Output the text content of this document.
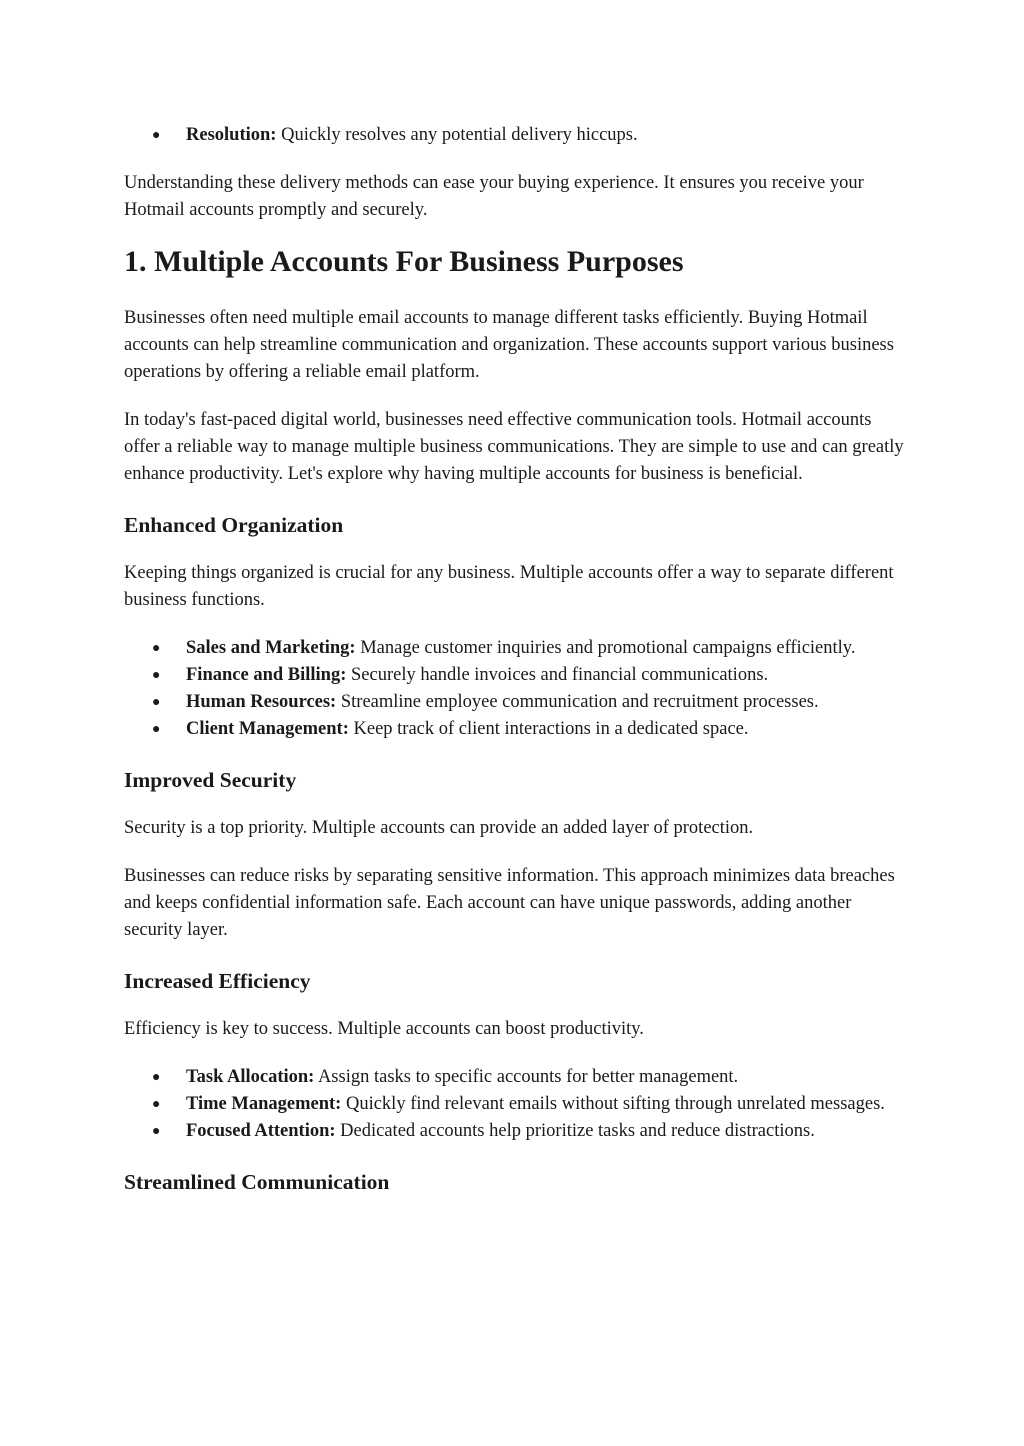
● Resolution: Quickly resolves any potential delivery hiccups.

Understanding these delivery methods can ease your buying experience. It ensures you receive your Hotmail accounts promptly and securely.

1. Multiple Accounts For Business Purposes

Businesses often need multiple email accounts to manage different tasks efficiently. Buying Hotmail accounts can help streamline communication and organization. These accounts support various business operations by offering a reliable email platform.

In today's fast-paced digital world, businesses need effective communication tools. Hotmail accounts offer a reliable way to manage multiple business communications. They are simple to use and can greatly enhance productivity. Let's explore why having multiple accounts for business is beneficial.

Enhanced Organization

Keeping things organized is crucial for any business. Multiple accounts offer a way to separate different business functions.

● Sales and Marketing: Manage customer inquiries and promotional campaigns efficiently.
● Finance and Billing: Securely handle invoices and financial communications.
● Human Resources: Streamline employee communication and recruitment processes.
● Client Management: Keep track of client interactions in a dedicated space.
Improved Security

Security is a top priority. Multiple accounts can provide an added layer of protection.

Businesses can reduce risks by separating sensitive information. This approach minimizes data breaches and keeps confidential information safe. Each account can have unique passwords, adding another security layer.

Increased Efficiency

Efficiency is key to success. Multiple accounts can boost productivity.

● Task Allocation: Assign tasks to specific accounts for better management.
● Time Management: Quickly find relevant emails without sifting through unrelated messages.
● Focused Attention: Dedicated accounts help prioritize tasks and reduce distractions.
Streamlined Communication
